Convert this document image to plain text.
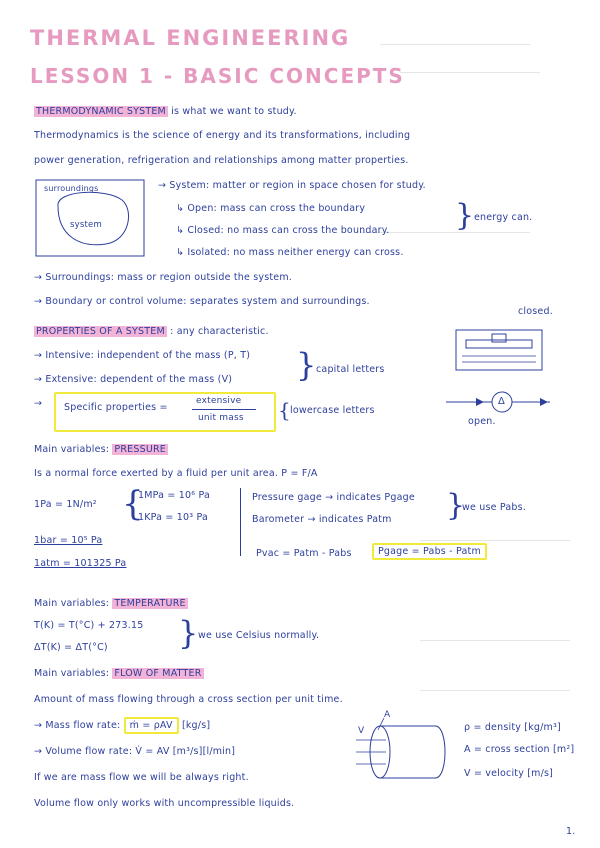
THERMAL ENGINEERING
LESSON 1 - BASIC CONCEPTS
THERMODYNAMIC SYSTEM is what we want to study.
Thermodynamics is the science of energy and its transformations, including
power generation, refrigeration and relationships among matter properties.
surroundings
system
→ System: matter or region in space chosen for study.
↳ Open: mass can cross the boundary
↳ Closed: no mass can cross the boundary.
↳ Isolated: no mass neither energy can cross.
} energy can.
→ Surroundings: mass or region outside the system.
→ Boundary or control volume: separates system and surroundings.
PROPERTIES OF A SYSTEM : any characteristic.
closed.
→ Intensive: independent of the mass (P, T)
→ Extensive: dependent of the mass (V) } capital letters
→ Specific properties =
extensive
unit mass { lowercase letters
Δ
open.
Main variables: PRESSURE
Is a normal force exerted by a fluid per unit area. P = F/A
1Pa = 1N/m² {
1MPa = 10⁶ Pa
1KPa = 10³ Pa
Pressure gage → indicates Pgage
Barometer → indicates Patm }
we use Pabs.
1bar = 10⁵ Pa
1atm = 101325 Pa
Pvac = Patm - Pabs	Pgage = Pabs - Patm
Main variables: TEMPERATURE
T(K) = T(°C) + 273.15
ΔT(K) = ΔT(°C) } we use Celsius normally.
Main variables: FLOW OF MATTER
Amount of mass flowing through a cross section per unit time.
→ Mass flow rate: ṁ = ρAV [kg/s]
→ Volume flow rate: V̇ = AV [m³/s][l/min]
If we are mass flow we will be always right.
Volume flow only works with uncompressible liquids.
A
V	ρ = density [kg/m³]
A = cross section [m²]
V = velocity [m/s]
1.
